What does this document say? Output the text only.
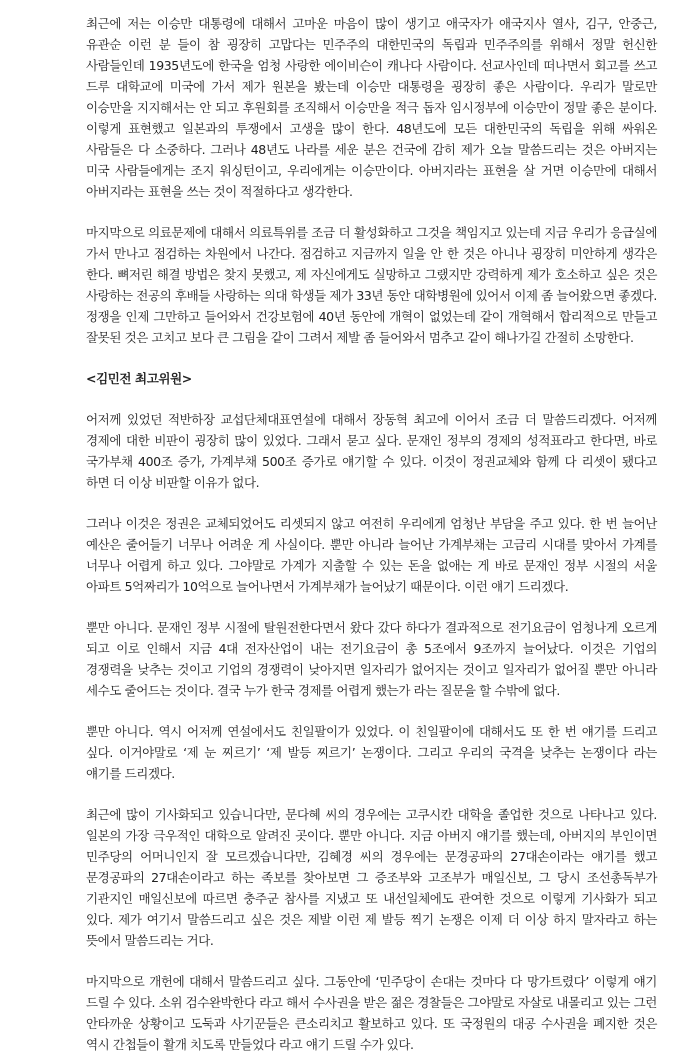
최근에 저는 이승만 대통령에 대해서 고마운 마음이 많이 생기고 애국자가 애국지사 열사, 김구, 안중근, 유관순 이런 분 들이 참 굉장히 고맙다는 민주주의 대한민국의 독립과 민주주의를 위해서 정말 헌신한 사람들인데 1935년도에 한국을 엄청 사랑한 에이비슨이 캐나다 사람이다. 선교사인데 떠나면서 회고를 쓰고 드루 대학교에 미국에 가서 제가 원본을 봤는데 이승만 대통령을 굉장히 좋은 사람이다. 우리가 말로만 이승만을 지지해서는 안 되고 후원회를 조직해서 이승만을 적극 돕자 임시정부에 이승만이 정말 좋은 분이다. 이렇게 표현했고 일본과의 투쟁에서 고생을 많이 한다. 48년도에 모든 대한민국의 독립을 위해 싸워온 사람들은 다 소중하다. 그러나 48년도 나라를 세운 분은 건국에 감히 제가 오늘 말씀드리는 것은 아버지는 미국 사람들에게는 조지 워싱턴이고, 우리에게는 이승만이다. 아버지라는 표현을 살 거면 이승만에 대해서 아버지라는 표현을 쓰는 것이 적절하다고 생각한다.

마지막으로 의료문제에 대해서 의료특위를 조금 더 활성화하고 그것을 책임지고 있는데 지금 우리가 응급실에 가서 만나고 점검하는 차원에서 나간다. 점검하고 지금까지 일을 안 한 것은 아니나 굉장히 미안하게 생각은 한다. 뼈저린 해결 방법은 찾지 못했고, 제 자신에게도 실망하고 그랬지만 강력하게 제가 호소하고 싶은 것은 사랑하는 전공의 후배들 사랑하는 의대 학생들 제가 33년 동안 대학병원에 있어서 이제 좀 늘어왔으면 좋겠다. 정쟁을 인제 그만하고 들어와서 건강보험에 40년 동안에 개혁이 없었는데 같이 개혁해서 합리적으로 만들고 잘못된 것은 고치고 보다 큰 그림을 같이 그려서 제발 좀 들어와서 멈추고 같이 해나가길 간절히 소망한다.

<김민전 최고위원>

어저께 있었던 적반하장 교섭단체대표연설에 대해서 장동혁 최고에 이어서 조금 더 말씀드리겠다. 어저께 경제에 대한 비판이 굉장히 많이 있었다. 그래서 묻고 싶다. 문재인 정부의 경제의 성적표라고 한다면, 바로 국가부채 400조 증가, 가계부채 500조 증가로 얘기할 수 있다. 이것이 정권교체와 함께 다 리셋이 됐다고 하면 더 이상 비판할 이유가 없다.

그러나 이것은 정권은 교체되었어도 리셋되지 않고 여전히 우리에게 엄청난 부담을 주고 있다. 한 번 늘어난 예산은 줄어들기 너무나 어려운 게 사실이다. 뿐만 아니라 늘어난 가계부채는 고금리 시대를 맞아서 가계를 너무나 어렵게 하고 있다. 그야말로 가계가 지출할 수 있는 돈을 없애는 게 바로 문재인 정부 시절의 서울 아파트 5억짜리가 10억으로 늘어나면서 가계부채가 늘어났기 때문이다. 이런 얘기 드리겠다.

뿐만 아니다. 문재인 정부 시절에 탈원전한다면서 왔다 갔다 하다가 결과적으로 전기요금이 엄청나게 오르게 되고 이로 인해서 지금 4대 전자산업이 내는 전기요금이 총 5조에서 9조까지 늘어났다. 이것은 기업의 경쟁력을 낮추는 것이고 기업의 경쟁력이 낮아지면 일자리가 없어지는 것이고 일자리가 없어질 뿐만 아니라 세수도 줄어드는 것이다. 결국 누가 한국 경제를 어렵게 했는가 라는 질문을 할 수밖에 없다.

뿐만 아니다. 역시 어저께 연설에서도 친일팔이가 있었다. 이 친일팔이에 대해서도 또 한 번 얘기를 드리고 싶다. 이거야말로 ‘제 눈 찌르기’ ‘제 발등 찌르기’ 논쟁이다. 그리고 우리의 국격을 낮추는 논쟁이다 라는 얘기를 드리겠다.

최근에 많이 기사화되고 있습니다만, 문다혜 씨의 경우에는 고쿠시칸 대학을 졸업한 것으로 나타나고 있다. 일본의 가장 극우적인 대학으로 알려진 곳이다. 뿐만 아니다. 지금 아버지 얘기를 했는데, 아버지의 부인이면 민주당의 어머니인지 잘 모르겠습니다만, 김혜경 씨의 경우에는 문경공파의 27대손이라는 얘기를 했고 문경공파의 27대손이라고 하는 족보를 찾아보면 그 증조부와 고조부가 매일신보, 그 당시 조선총독부가 기관지인 매일신보에 따르면 충주군 참사를 지냈고 또 내선일체에도 관여한 것으로 이렇게 기사화가 되고 있다. 제가 여기서 말씀드리고 싶은 것은 제발 이런 제 발등 찍기 논쟁은 이제 더 이상 하지 말자라고 하는 뜻에서 말씀드리는 거다.

마지막으로 개헌에 대해서 말씀드리고 싶다. 그동안에 ‘민주당이 손대는 것마다 다 망가트렸다’ 이렇게 얘기 드릴 수 있다. 소위 검수완박한다 라고 해서 수사권을 받은 젊은 경찰들은 그야말로 자살로 내몰리고 있는 그런 안타까운 상황이고 도둑과 사기꾼들은 큰소리치고 활보하고 있다. 또 국정원의 대공 수사권을 폐지한 것은 역시 간첩들이 활개 치도록 만들었다 라고 얘기 드릴 수가 있다.
